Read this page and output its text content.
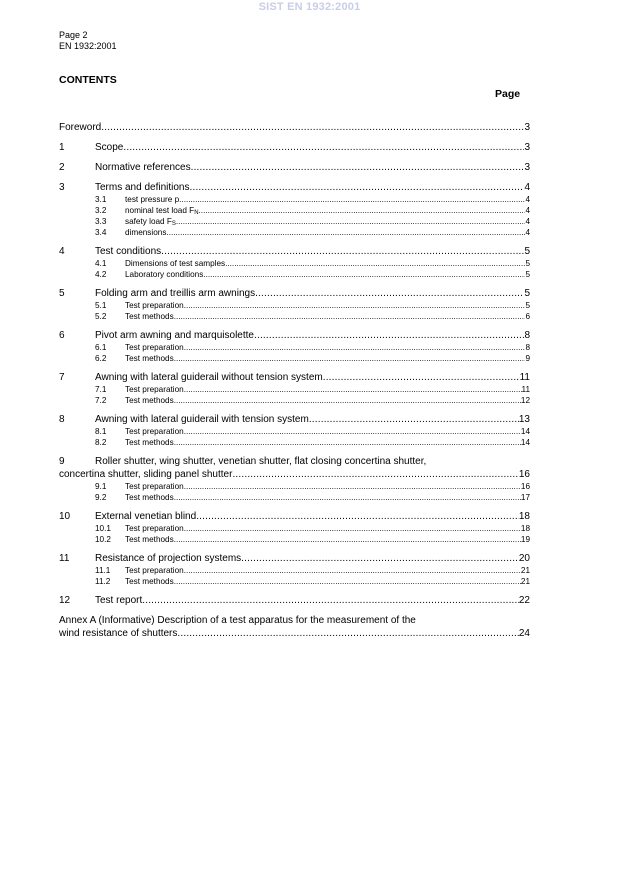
SIST EN 1932:2001
Page 2
EN 1932:2001
CONTENTS
Page
Foreword .....	3
1	Scope .....	3
2	Normative references .....	3
3	Terms and definitions .....	4
3.1	test pressure p .....	4
3.2	nominal test load $F_N$ .....	4
3.3	safety load $F_S$ .....	4
3.4	dimensions .....	4
4	Test conditions .....	5
4.1	Dimensions of test samples .....	5
4.2	Laboratory conditions .....	5
5	Folding arm and treillis arm awnings .....	5
5.1	Test preparation .....	5
5.2	Test methods .....	6
6	Pivot arm awning and marquisolette .....	8
6.1	Test preparation .....	8
6.2	Test methods .....	9
7	Awning with lateral guiderail without tension system .....	11
7.1	Test preparation .....	11
7.2	Test methods .....	12
8	Awning with lateral guiderail with tension system .....	13
8.1	Test preparation .....	14
8.2	Test methods .....	14
9	Roller shutter, wing shutter, venetian shutter, flat closing concertina shutter,
concertina shutter, sliding panel shutter .....	16
9.1	Test preparation .....	16
9.2	Test methods .....	17
10	External venetian blind .....	18
10.1	Test preparation .....	18
10.2	Test methods .....	19
11	Resistance of projection systems .....	20
11.1	Test preparation .....	21
11.2	Test methods .....	21
12	Test report .....	22
Annex A (Informative) Description of a test apparatus for the measurement of the
wind resistance of shutters .....	24
